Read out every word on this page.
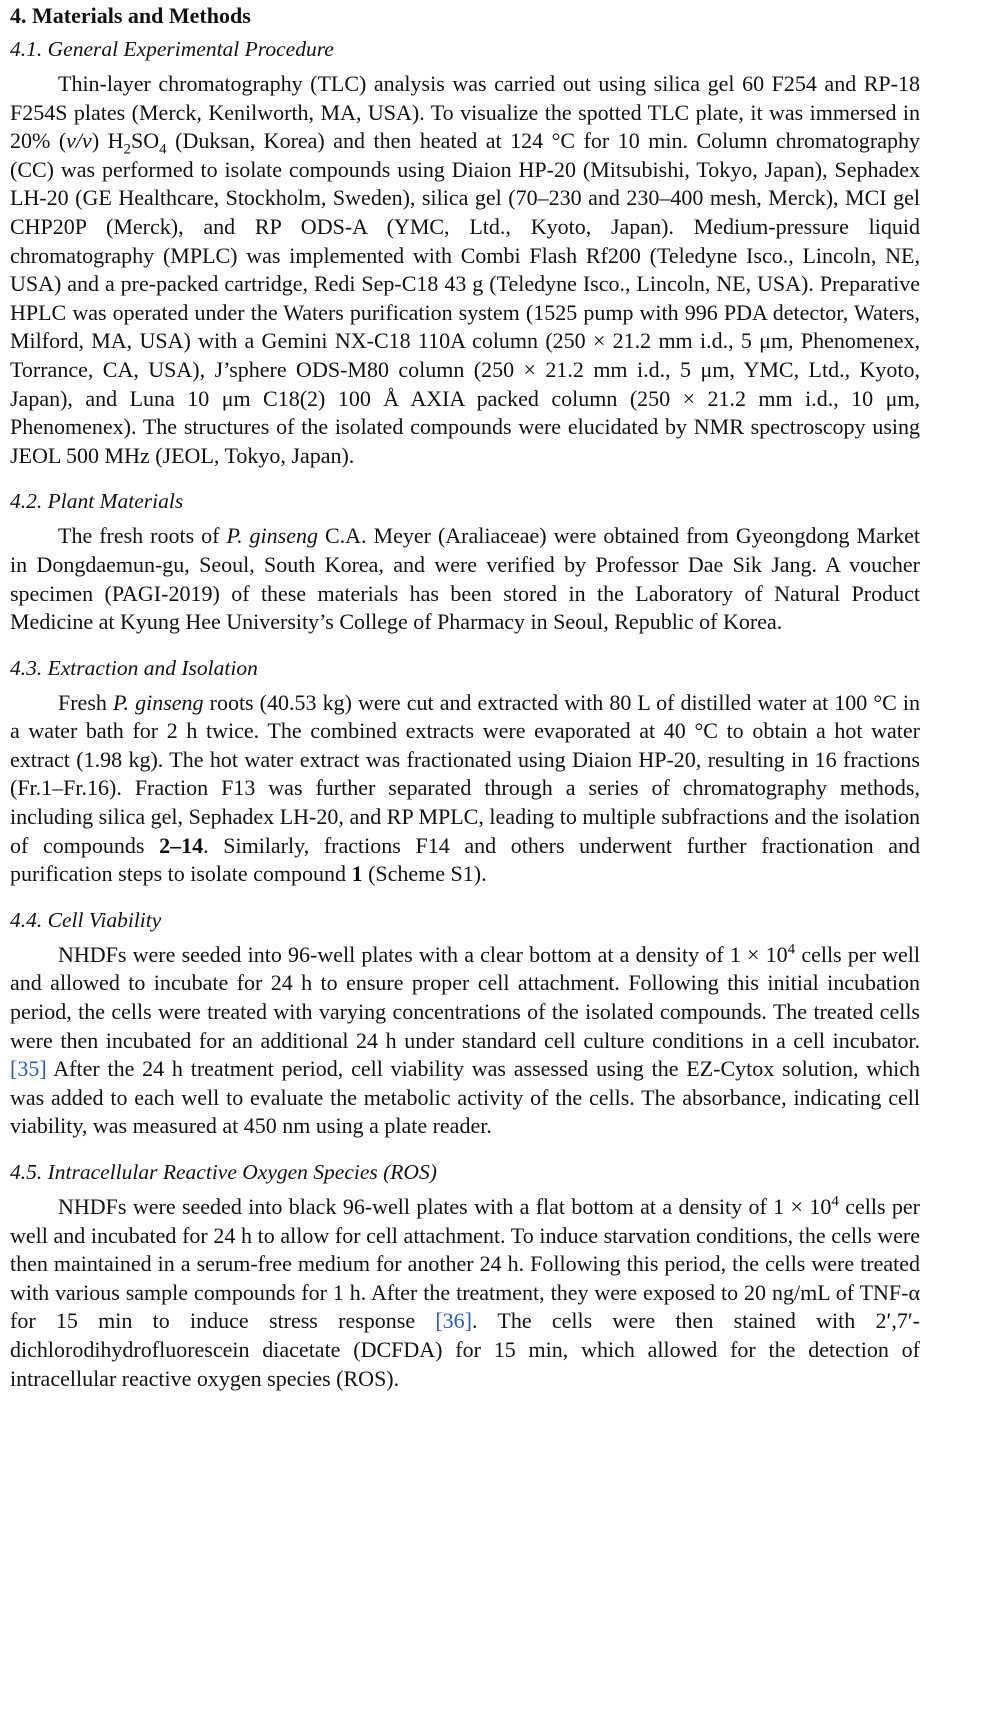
4. Materials and Methods
4.1. General Experimental Procedure

Thin-layer chromatography (TLC) analysis was carried out using silica gel 60 F254 and RP-18 F254S plates (Merck, Kenilworth, MA, USA). To visualize the spotted TLC plate, it was immersed in 20% (v/v) $H_2SO_4$ (Duksan, Korea) and then heated at 124 °C for 10 min. Column chromatography (CC) was performed to isolate compounds using Diaion HP-20 (Mitsubishi, Tokyo, Japan), Sephadex LH-20 (GE Healthcare, Stockholm, Sweden), silica gel (70–230 and 230–400 mesh, Merck), MCI gel CHP20P (Merck), and RP ODS-A (YMC, Ltd., Kyoto, Japan). Medium-pressure liquid chromatography (MPLC) was implemented with Combi Flash Rf200 (Teledyne Isco., Lincoln, NE, USA) and a pre-packed cartridge, Redi Sep-C18 43 g (Teledyne Isco., Lincoln, NE, USA). Preparative HPLC was operated under the Waters purification system (1525 pump with 996 PDA detector, Waters, Milford, MA, USA) with a Gemini NX-C18 110A column (250 × 21.2 mm i.d., 5 μm, Phenomenex, Torrance, CA, USA), J’sphere ODS-M80 column (250 × 21.2 mm i.d., 5 μm, YMC, Ltd., Kyoto, Japan), and Luna 10 μm C18(2) 100 Å AXIA packed column (250 × 21.2 mm i.d., 10 μm, Phenomenex). The structures of the isolated compounds were elucidated by NMR spectroscopy using JEOL 500 MHz (JEOL, Tokyo, Japan).

4.2. Plant Materials

The fresh roots of P. ginseng C.A. Meyer (Araliaceae) were obtained from Gyeongdong Market in Dongdaemun-gu, Seoul, South Korea, and were verified by Professor Dae Sik Jang. A voucher specimen (PAGI-2019) of these materials has been stored in the Laboratory of Natural Product Medicine at Kyung Hee University’s College of Pharmacy in Seoul, Republic of Korea.

4.3. Extraction and Isolation

Fresh P. ginseng roots (40.53 kg) were cut and extracted with 80 L of distilled water at 100 °C in a water bath for 2 h twice. The combined extracts were evaporated at 40 °C to obtain a hot water extract (1.98 kg). The hot water extract was fractionated using Diaion HP-20, resulting in 16 fractions (Fr.1–Fr.16). Fraction F13 was further separated through a series of chromatography methods, including silica gel, Sephadex LH-20, and RP MPLC, leading to multiple subfractions and the isolation of compounds 2–14. Similarly, fractions F14 and others underwent further fractionation and purification steps to isolate compound 1 (Scheme S1).

4.4. Cell Viability

NHDFs were seeded into 96-well plates with a clear bottom at a density of $1 \times 10^4$ cells per well and allowed to incubate for 24 h to ensure proper cell attachment. Following this initial incubation period, the cells were treated with varying concentrations of the isolated compounds. The treated cells were then incubated for an additional 24 h under standard cell culture conditions in a cell incubator. [35] After the 24 h treatment period, cell viability was assessed using the EZ-Cytox solution, which was added to each well to evaluate the metabolic activity of the cells. The absorbance, indicating cell viability, was measured at 450 nm using a plate reader.

4.5. Intracellular Reactive Oxygen Species (ROS)

NHDFs were seeded into black 96-well plates with a flat bottom at a density of $1 \times 10^4$ cells per well and incubated for 24 h to allow for cell attachment. To induce starvation conditions, the cells were then maintained in a serum-free medium for another 24 h. Following this period, the cells were treated with various sample compounds for 1 h. After the treatment, they were exposed to 20 ng/mL of TNF-α for 15 min to induce stress response [36]. The cells were then stained with 2′,7′-dichlorodihydrofluorescein diacetate (DCFDA) for 15 min, which allowed for the detection of intracellular reactive oxygen species (ROS).
